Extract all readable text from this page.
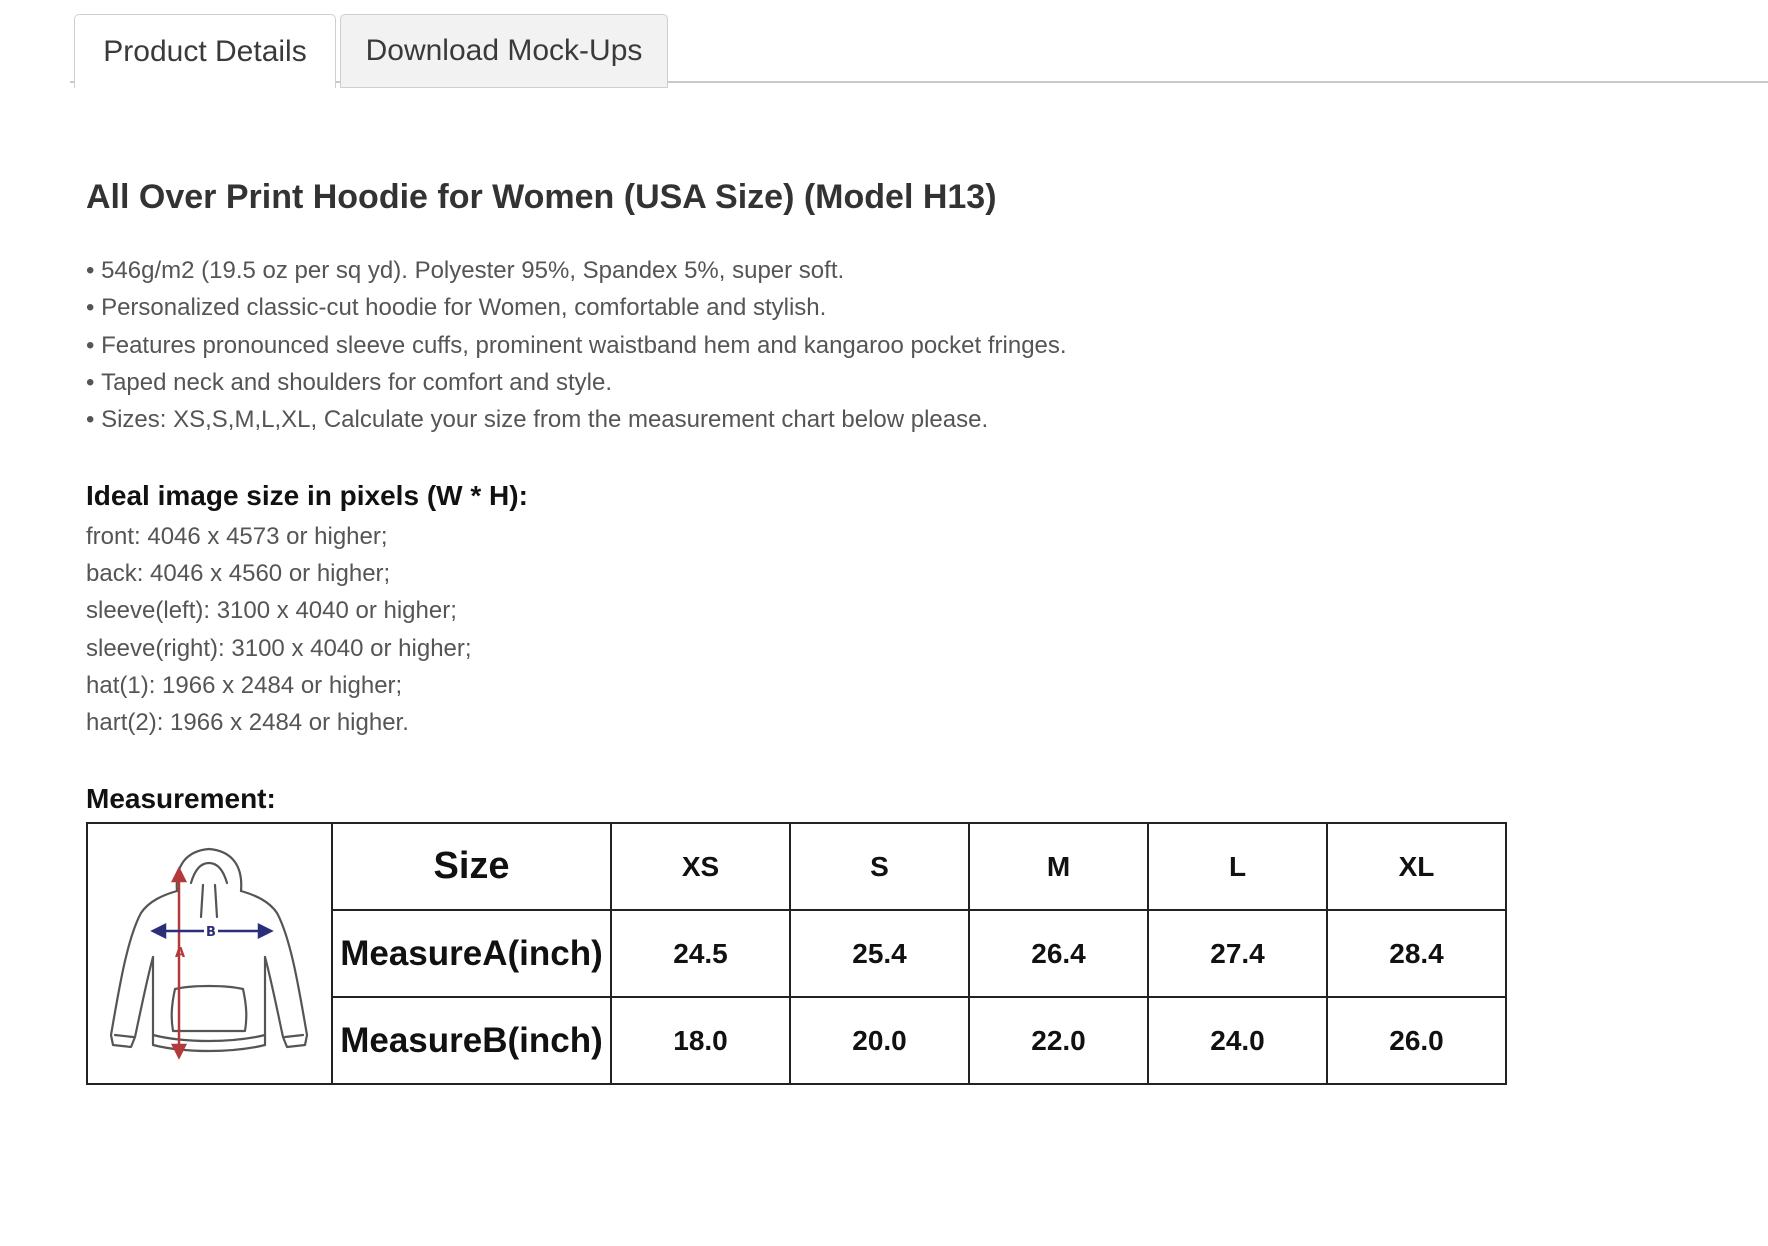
Product Details Download Mock-Ups
All Over Print Hoodie for Women (USA Size) (Model H13)
• 546g/m2 (19.5 oz per sq yd). Polyester 95%, Spandex 5%, super soft.
• Personalized classic-cut hoodie for Women, comfortable and stylish.
• Features pronounced sleeve cuffs, prominent waistband hem and kangaroo pocket fringes.
• Taped neck and shoulders for comfort and style.
• Sizes: XS,S,M,L,XL, Calculate your size from the measurement chart below please.
Ideal image size in pixels (W * H):
front: 4046 x 4573 or higher;
back: 4046 x 4560 or higher;
sleeve(left): 3100 x 4040 or higher;
sleeve(right): 3100 x 4040 or higher;
hat(1): 1966 x 2484 or higher;
hart(2): 1966 x 2484 or higher.
Measurement:
A
B	Size	XS	S	M	L	XL
	MeasureA(inch)	24.5	25.4	26.4	27.4	28.4
	MeasureB(inch)	18.0	20.0	22.0	24.0	26.0
